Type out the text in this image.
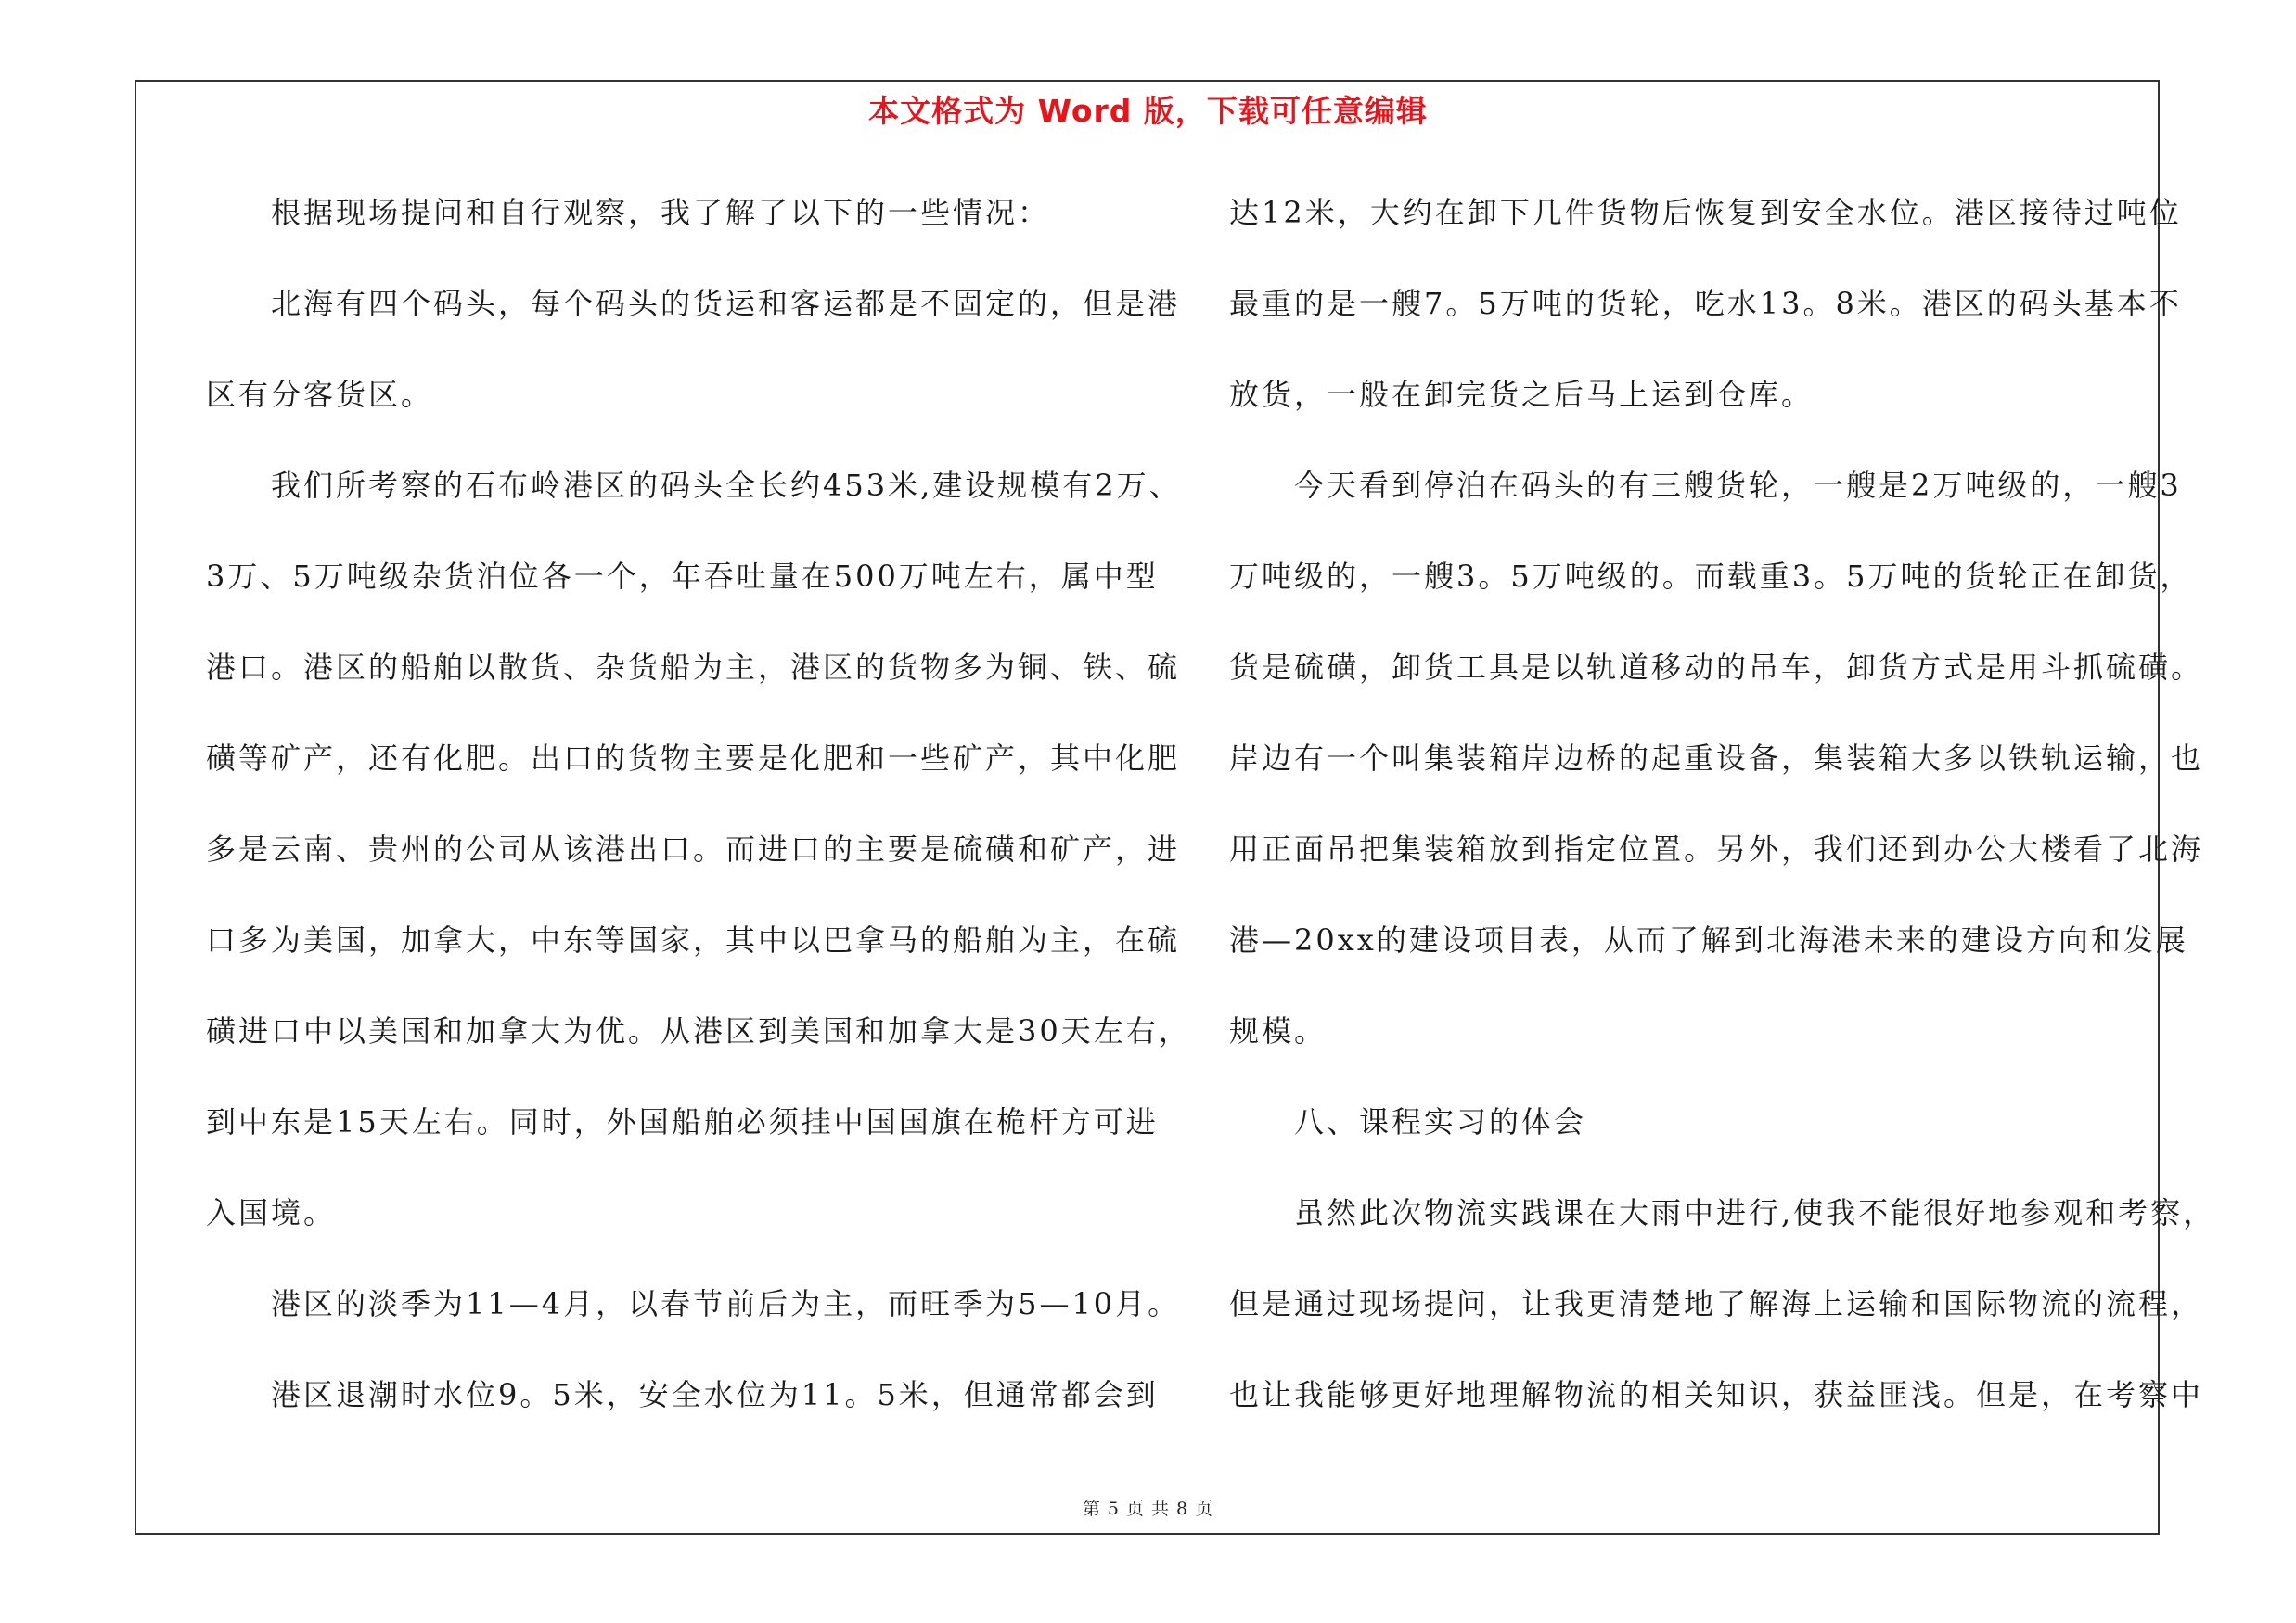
本文格式为 Word 版，下载可任意编辑
　　根据现场提问和自行观察，我了解了以下的一些情况：
　　北海有四个码头，每个码头的货运和客运都是不固定的，但是港
区有分客货区。
　　我们所考察的石布岭港区的码头全长约453米,建设规模有2万、
3万、5万吨级杂货泊位各一个，年吞吐量在500万吨左右，属中型
港口。港区的船舶以散货、杂货船为主，港区的货物多为铜、铁、硫
磺等矿产，还有化肥。出口的货物主要是化肥和一些矿产，其中化肥
多是云南、贵州的公司从该港出口。而进口的主要是硫磺和矿产，进
口多为美国，加拿大，中东等国家，其中以巴拿马的船舶为主，在硫
磺进口中以美国和加拿大为优。从港区到美国和加拿大是30天左右，
到中东是15天左右。同时，外国船舶必须挂中国国旗在桅杆方可进
入国境。
　　港区的淡季为11—4月，以春节前后为主，而旺季为5—10月。
　　港区退潮时水位9。5米，安全水位为11。5米，但通常都会到
达12米，大约在卸下几件货物后恢复到安全水位。港区接待过吨位
最重的是一艘7。5万吨的货轮，吃水13。8米。港区的码头基本不
放货，一般在卸完货之后马上运到仓库。
　　今天看到停泊在码头的有三艘货轮，一艘是2万吨级的，一艘3
万吨级的，一艘3。5万吨级的。而载重3。5万吨的货轮正在卸货，
货是硫磺，卸货工具是以轨道移动的吊车，卸货方式是用斗抓硫磺。
岸边有一个叫集装箱岸边桥的起重设备，集装箱大多以铁轨运输，也
用正面吊把集装箱放到指定位置。另外，我们还到办公大楼看了北海
港—20xx的建设项目表，从而了解到北海港未来的建设方向和发展
规模。
　　八、课程实习的体会
　　虽然此次物流实践课在大雨中进行,使我不能很好地参观和考察，
但是通过现场提问，让我更清楚地了解海上运输和国际物流的流程，
也让我能够更好地理解物流的相关知识，获益匪浅。但是，在考察中
第 5 页 共 8 页
